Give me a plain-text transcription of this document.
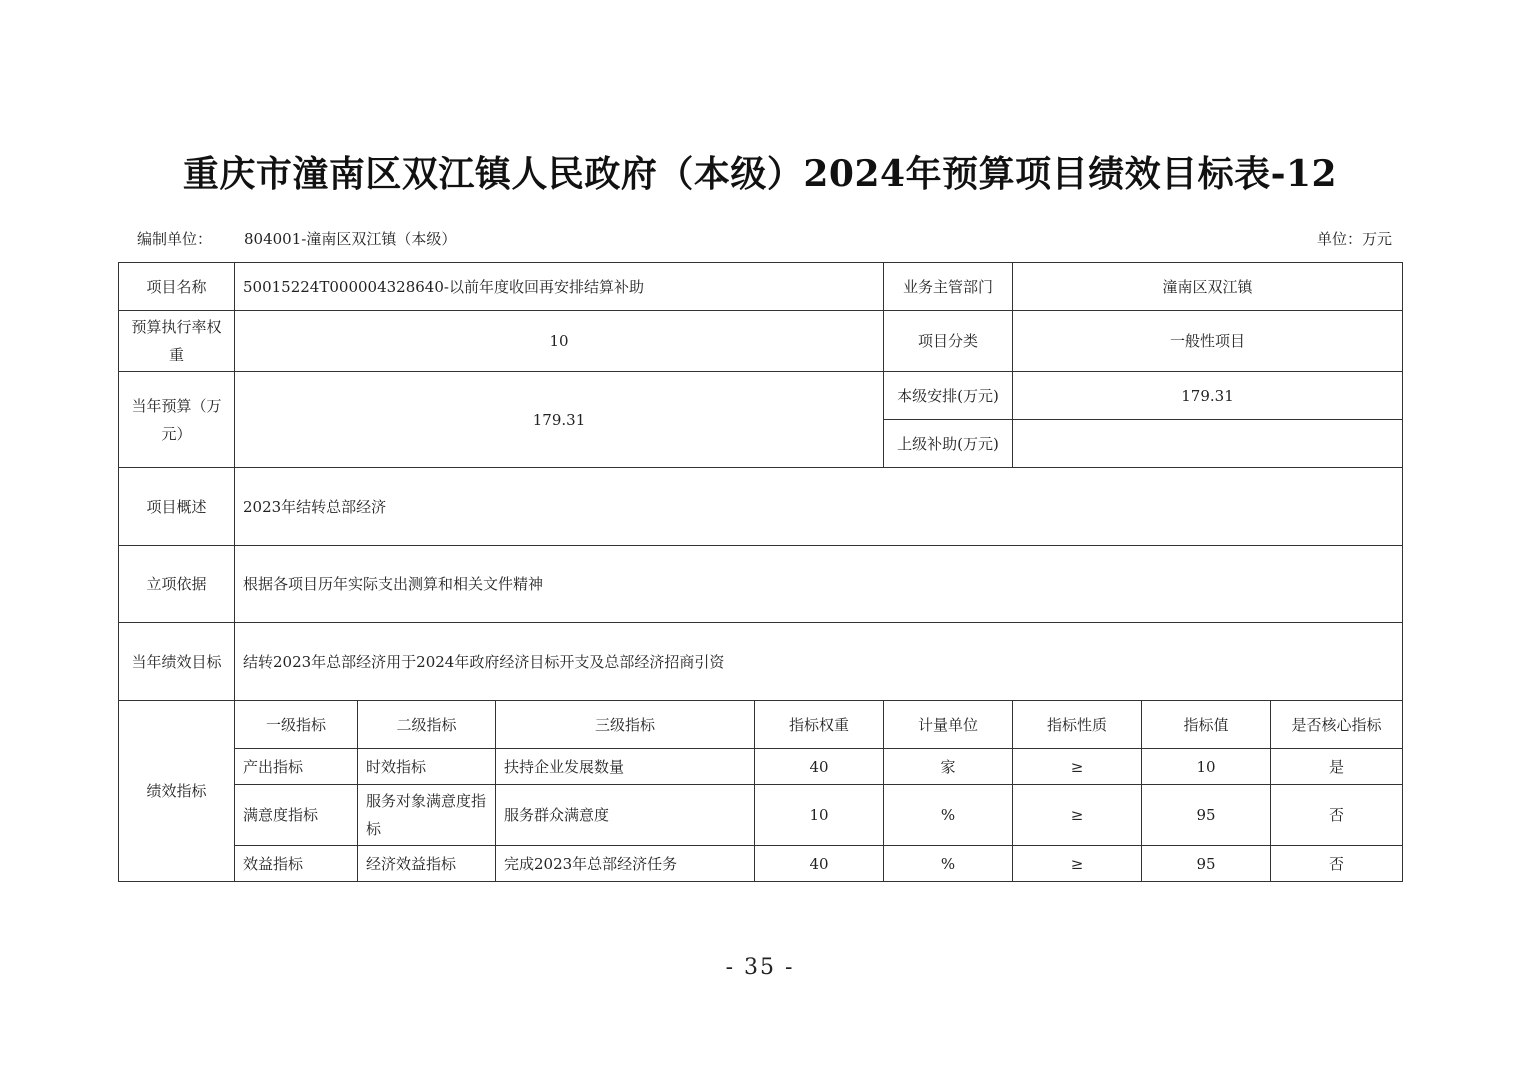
重庆市潼南区双江镇人民政府（本级）2024年预算项目绩效目标表-12
编制单位： 804001-潼南区双江镇（本级）	单位：万元
项目名称	50015224T000004328640-以前年度收回再安排结算补助				业务主管部门	潼南区双江镇		
预算执行率权重	10				项目分类	一般性项目		
当年预算（万元）	179.31				本级安排(万元)	179.31		
					上级补助(万元)			
项目概述	2023年结转总部经济							
立项依据	根据各项目历年实际支出测算和相关文件精神							
当年绩效目标	结转2023年总部经济用于2024年政府经济目标开支及总部经济招商引资							
绩效指标	一级指标	二级指标	三级指标	指标权重	计量单位	指标性质	指标值	是否核心指标
	产出指标	时效指标	扶持企业发展数量	40	家	≥	10	是
	满意度指标	服务对象满意度指标	服务群众满意度	10	%	≥	95	否
	效益指标	经济效益指标	完成2023年总部经济任务	40	%	≥	95	否
- 35 -
